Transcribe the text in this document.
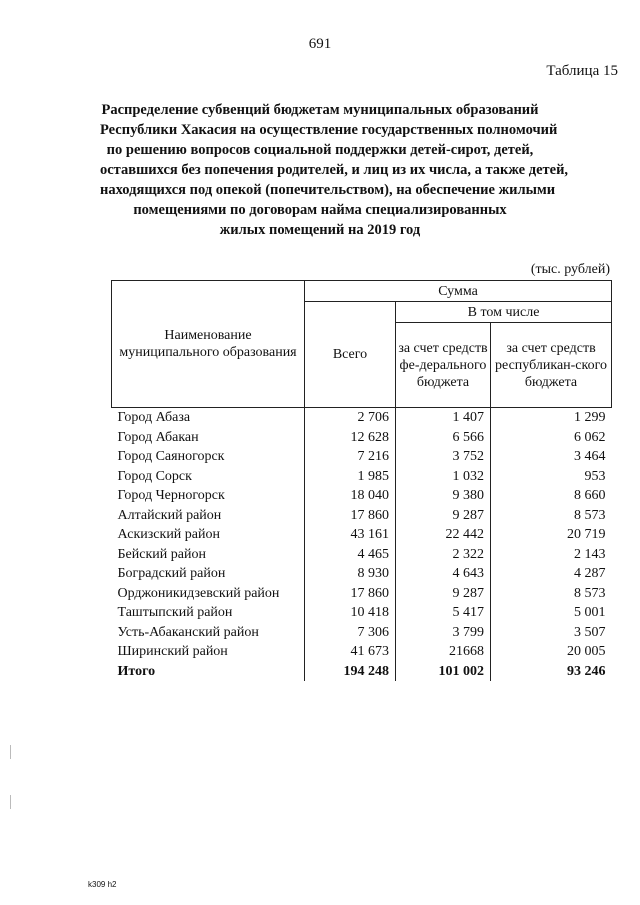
691
Таблица 15
Распределение субвенций бюджетам муниципальных образований
Республики Хакасия на осуществление государственных полномочий
по решению вопросов социальной поддержки детей-сирот, детей,
оставшихся без попечения родителей, и лиц из их числа, а также детей,
находящихся под опекой (попечительством), на обеспечение жилыми
помещениями по договорам найма специализированных
жилых помещений на 2019 год
(тыс. рублей)
Наименование муниципального образования	Сумма		
	Всего	В том числе	
		за счет средств фе-дерального бюджета	за счет средств республикан-ского бюджета
Город Абаза	2 706	1 407	1 299
Город Абакан	12 628	6 566	6 062
Город Саяногорск	7 216	3 752	3 464
Город Сорск	1 985	1 032	953
Город Черногорск	18 040	9 380	8 660
Алтайский район	17 860	9 287	8 573
Аскизский район	43 161	22 442	20 719
Бейский район	4 465	2 322	2 143
Боградский район	8 930	4 643	4 287
Орджоникидзевский район	17 860	9 287	8 573
Таштыпский район	10 418	5 417	5 001
Усть-Абаканский район	7 306	3 799	3 507
Ширинский район	41 673	21668	20 005
Итого	194 248	101 002	93 246
k309 h2
